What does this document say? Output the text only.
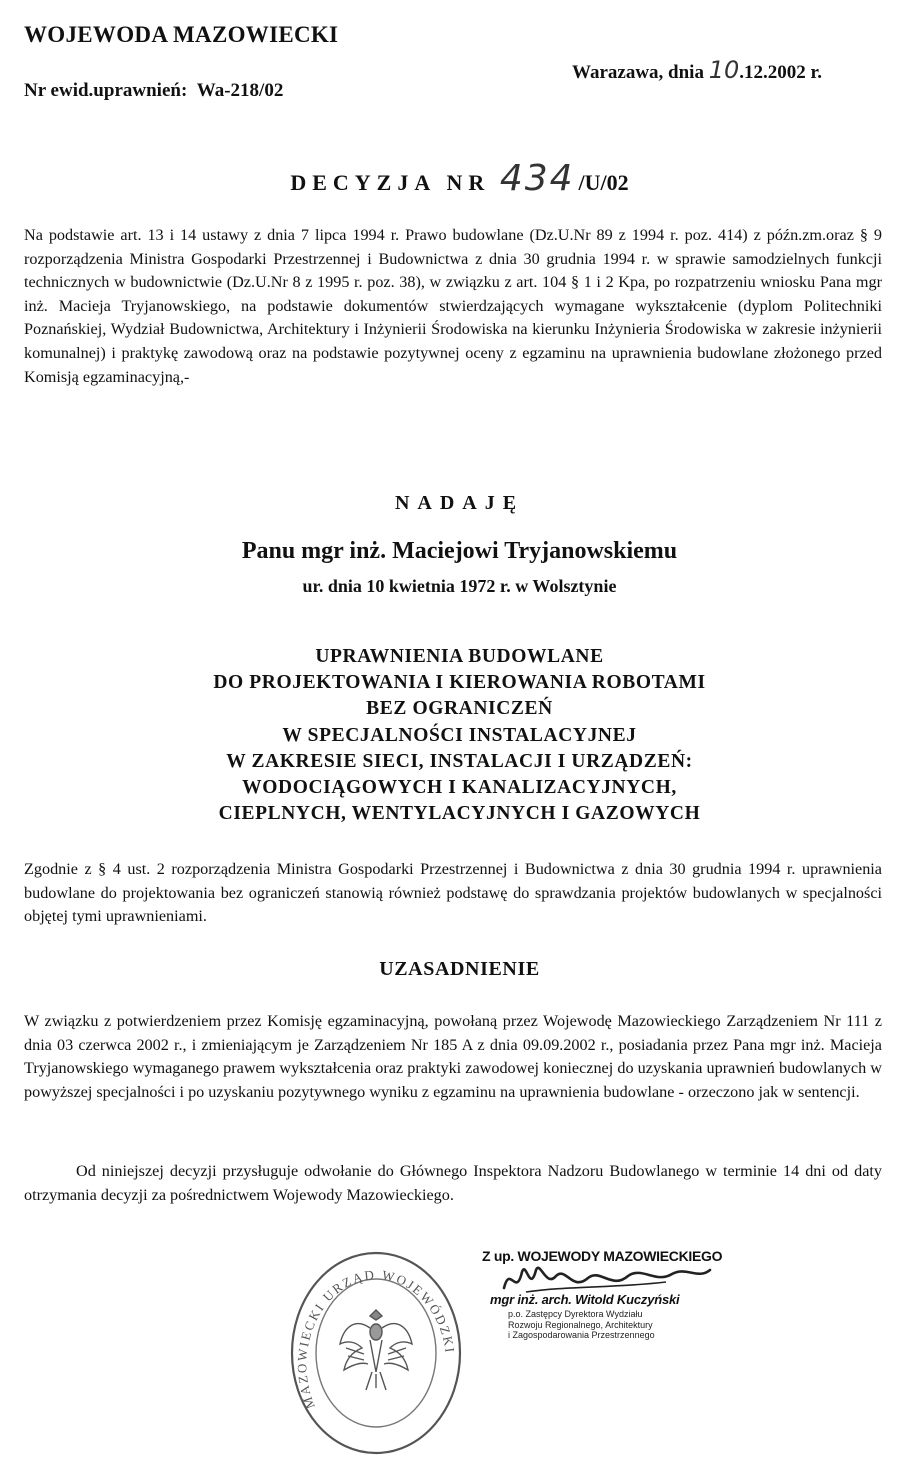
WOJEWODA MAZOWIECKI
Nr ewid.uprawnień: Wa-218/02
Warazawa, dnia 10.12.2002 r.
DECYZJA NR 434 /U/02
Na podstawie art. 13 i 14 ustawy z dnia 7 lipca 1994 r. Prawo budowlane (Dz.U.Nr 89 z 1994 r. poz. 414) z późn.zm.oraz § 9 rozporządzenia Ministra Gospodarki Przestrzennej i Budownictwa z dnia 30 grudnia 1994 r. w sprawie samodzielnych funkcji technicznych w budownictwie (Dz.U.Nr 8 z 1995 r. poz. 38), w związku z art. 104 § 1 i 2 Kpa, po rozpatrzeniu wniosku Pana mgr inż. Macieja Tryjanowskiego, na podstawie dokumentów stwierdzających wymagane wykształcenie (dyplom Politechniki Poznańskiej, Wydział Budownictwa, Architektury i Inżynierii Środowiska na kierunku Inżynieria Środowiska w zakresie inżynierii komunalnej) i praktykę zawodową oraz na podstawie pozytywnej oceny z egzaminu na uprawnienia budowlane złożonego przed Komisją egzaminacyjną,-
NADAJĘ
Panu mgr inż. Maciejowi Tryjanowskiemu
ur. dnia 10 kwietnia 1972 r. w Wolsztynie
UPRAWNIENIA BUDOWLANE
DO PROJEKTOWANIA I KIEROWANIA ROBOTAMI
BEZ OGRANICZEŃ
W SPECJALNOŚCI INSTALACYJNEJ
W ZAKRESIE SIECI, INSTALACJI I URZĄDZEŃ:
WODOCIĄGOWYCH I KANALIZACYJNYCH,
CIEPLNYCH, WENTYLACYJNYCH I GAZOWYCH
Zgodnie z § 4 ust. 2 rozporządzenia Ministra Gospodarki Przestrzennej i Budownictwa z dnia 30 grudnia 1994 r. uprawnienia budowlane do projektowania bez ograniczeń stanowią również podstawę do sprawdzania projektów budowlanych w specjalności objętej tymi uprawnieniami.
UZASADNIENIE
W związku z potwierdzeniem przez Komisję egzaminacyjną, powołaną przez Wojewodę Mazowieckiego Zarządzeniem Nr 111 z dnia 03 czerwca 2002 r., i zmieniającym je Zarządzeniem Nr 185 A z dnia 09.09.2002 r., posiadania przez Pana mgr inż. Macieja Tryjanowskiego wymaganego prawem wykształcenia oraz praktyki zawodowej koniecznej do uzyskania uprawnień budowlanych w powyższej specjalności i po uzyskaniu pozytywnego wyniku z egzaminu na uprawnienia budowlane - orzeczono jak w sentencji.
Od niniejszej decyzji przysługuje odwołanie do Głównego Inspektora Nadzoru Budowlanego w terminie 14 dni od daty otrzymania decyzji za pośrednictwem Wojewody Mazowieckiego.
MAZOWIECKI URZĄD WOJEWÓDZKI
Z up. WOJEWODY MAZOWIECKIEGO
mgr inż. arch. Witold Kuczyński
p.o. Zastępcy Dyrektora Wydziału
Rozwoju Regionalnego, Architektury
i Zagospodarowania Przestrzennego
